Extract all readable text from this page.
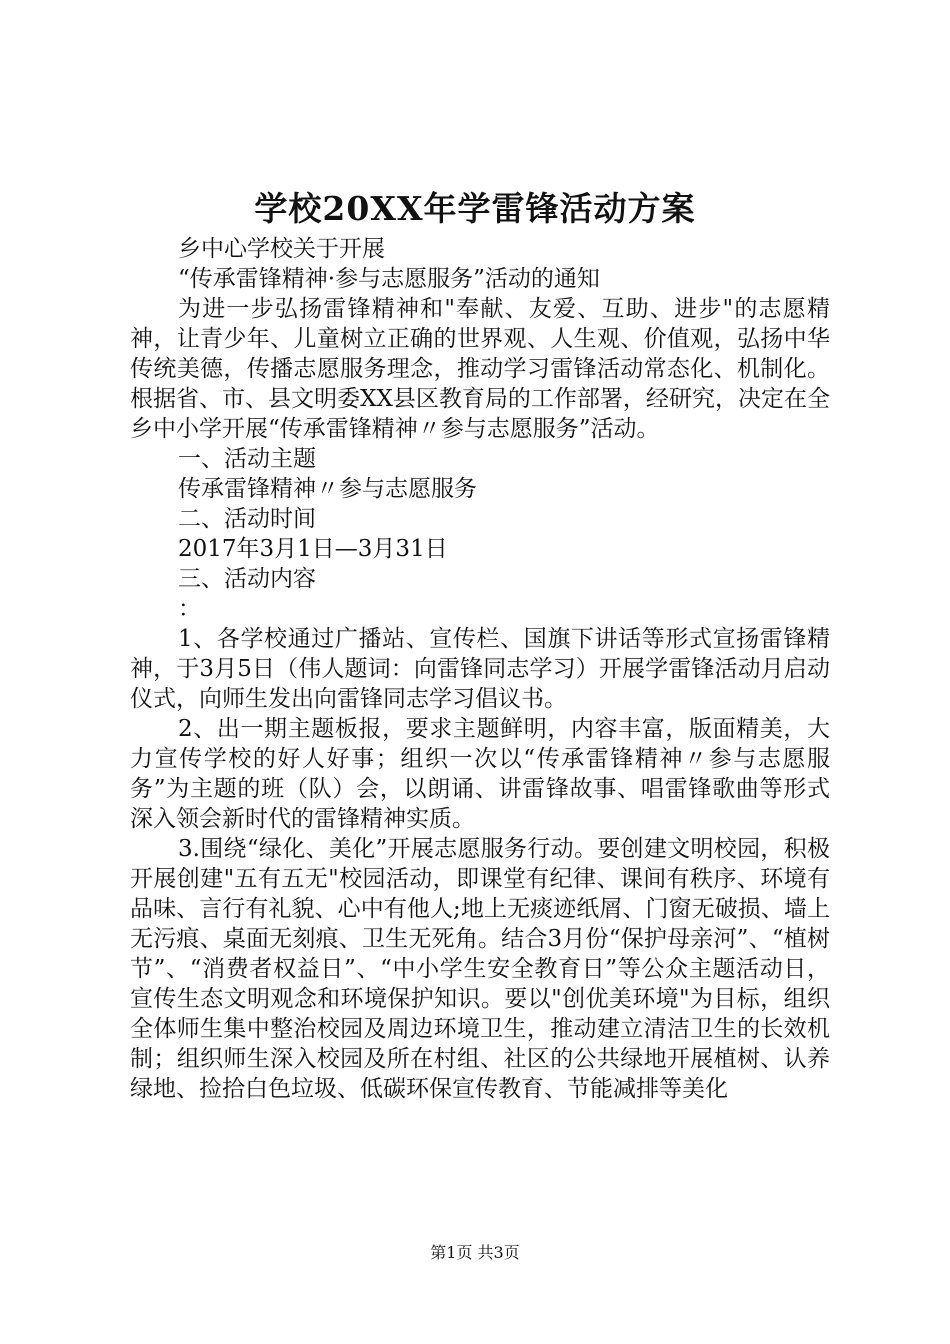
学校20XX年学雷锋活动方案

乡中心学校关于开展

“传承雷锋精神·参与志愿服务”活动的通知

为进一步弘扬雷锋精神和"奉献、友爱、互助、进步"的志愿精神，让青少年、儿童树立正确的世界观、人生观、价值观，弘扬中华传统美德，传播志愿服务理念，推动学习雷锋活动常态化、机制化。根据省、市、县文明委XX县区教育局的工作部署，经研究，决定在全乡中小学开展“传承雷锋精神〃参与志愿服务”活动。

一、活动主题

传承雷锋精神〃参与志愿服务

二、活动时间

2017年3月1日—3月31日

三、活动内容

：

1、各学校通过广播站、宣传栏、国旗下讲话等形式宣扬雷锋精神，于3月5日（伟人题词：向雷锋同志学习）开展学雷锋活动月启动仪式，向师生发出向雷锋同志学习倡议书。

2、出一期主题板报，要求主题鲜明，内容丰富，版面精美，大力宣传学校的好人好事；组织一次以“传承雷锋精神〃参与志愿服务”为主题的班（队）会，以朗诵、讲雷锋故事、唱雷锋歌曲等形式深入领会新时代的雷锋精神实质。

3.围绕“绿化、美化”开展志愿服务行动。要创建文明校园，积极开展创建"五有五无"校园活动，即课堂有纪律、课间有秩序、环境有品味、言行有礼貌、心中有他人;地上无痰迹纸屑、门窗无破损、墙上无污痕、桌面无刻痕、卫生无死角。结合3月份“保护母亲河”、“植树节”、“消费者权益日”、“中小学生安全教育日”等公众主题活动日，宣传生态文明观念和环境保护知识。要以"创优美环境"为目标，组织全体师生集中整治校园及周边环境卫生，推动建立清洁卫生的长效机制；组织师生深入校园及所在村组、社区的公共绿地开展植树、认养绿地、捡拾白色垃圾、低碳环保宣传教育、节能减排等美化

第1页 共3页
